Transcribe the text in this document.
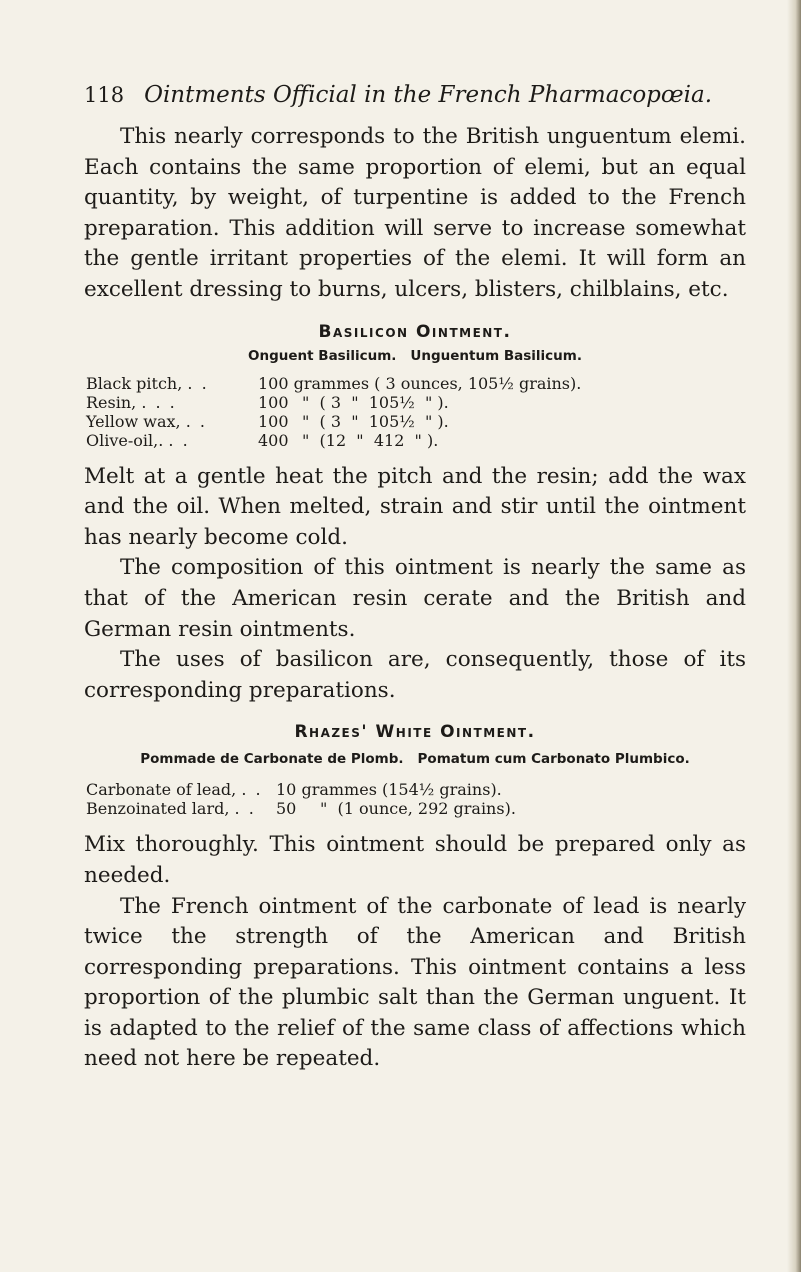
118 Ointments Official in the French Pharmacopœia.

This nearly corresponds to the British unguentum elemi. Each contains the same proportion of elemi, but an equal quantity, by weight, of turpentine is added to the French preparation. This addition will serve to increase somewhat the gentle irritant properties of the elemi. It will form an excellent dressing to burns, ulcers, blisters, chilblains, etc.

Basilicon Ointment.
Onguent Basilicum. Unguentum Basilicum.
Black pitch, . .	100 grammes ( 3 ounces, 105½ grains).	
Resin, . . .	100	"  ( 3  "  105½  " ).
Yellow wax, . .	100	"  ( 3  "  105½  " ).
Olive-oil,. . .	400	"  (12  "  412  " ).

Melt at a gentle heat the pitch and the resin; add the wax and the oil. When melted, strain and stir until the ointment has nearly become cold.

The composition of this ointment is nearly the same as that of the American resin cerate and the British and German resin ointments.

The uses of basilicon are, consequently, those of its corresponding preparations.

Rhazes' White Ointment.
Pommade de Carbonate de Plomb. Pomatum cum Carbonato Plumbico.
Carbonate of lead, . .	10 grammes (154½ grains).	
Benzoinated lard, . .	50	"  (1 ounce, 292 grains).

Mix thoroughly. This ointment should be prepared only as needed.

The French ointment of the carbonate of lead is nearly twice the strength of the American and British corresponding preparations. This ointment contains a less proportion of the plumbic salt than the German unguent. It is adapted to the relief of the same class of affections which need not here be repeated.
